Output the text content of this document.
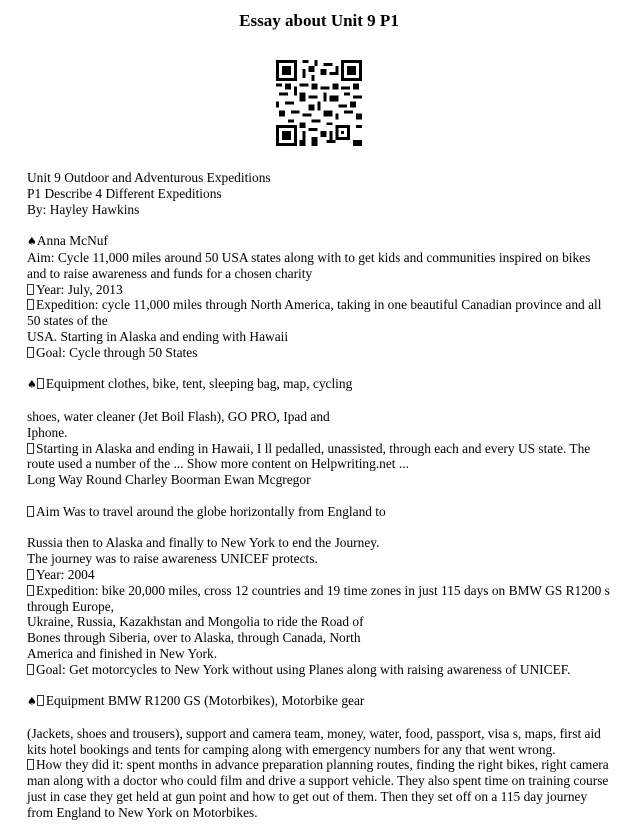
Essay about Unit 9 P1
Unit 9 Outdoor and Adventurous Expeditions
P1 Describe 4 Different Expeditions
By: Hayley Hawkins
♠Anna McNuf
Aim: Cycle 11,000 miles around 50 USA states along with to get kids and communities inspired on bikes and to raise awareness and funds for a chosen charity
Year: July, 2013
Expedition: cycle 11,000 miles through North America, taking in one beautiful Canadian province and all 50 states of the
USA. Starting in Alaska and ending with Hawaii
Goal: Cycle through 50 States
♠ Equipment clothes, bike, tent, sleeping bag, map, cycling
shoes, water cleaner (Jet Boil Flash), GO PRO, Ipad and
Iphone.
Starting in Alaska and ending in Hawaii, I ll pedalled, unassisted, through each and every US state. The route used a number of the ... Show more content on Helpwriting.net ...
Long Way Round Charley Boorman Ewan Mcgregor
Aim Was to travel around the globe horizontally from England to
Russia then to Alaska and finally to New York to end the Journey.
The journey was to raise awareness UNICEF protects.
Year: 2004
Expedition: bike 20,000 miles, cross 12 countries and 19 time zones in just 115 days on BMW GS R1200 s through Europe,
Ukraine, Russia, Kazakhstan and Mongolia to ride the Road of
Bones through Siberia, over to Alaska, through Canada, North
America and finished in New York.
Goal: Get motorcycles to New York without using Planes along with raising awareness of UNICEF.
♠ Equipment BMW R1200 GS (Motorbikes), Motorbike gear
(Jackets, shoes and trousers), support and camera team, money, water, food, passport, visa s, maps, first aid kits hotel bookings and tents for camping along with emergency numbers for any that went wrong.
How they did it: spent months in advance preparation planning routes, finding the right bikes, right camera man along with a doctor who could film and drive a support vehicle. They also spent time on training course just in case they get held at gun point and how to get out of them. Then they set off on a 115 day journey from England to New York on Motorbikes.
